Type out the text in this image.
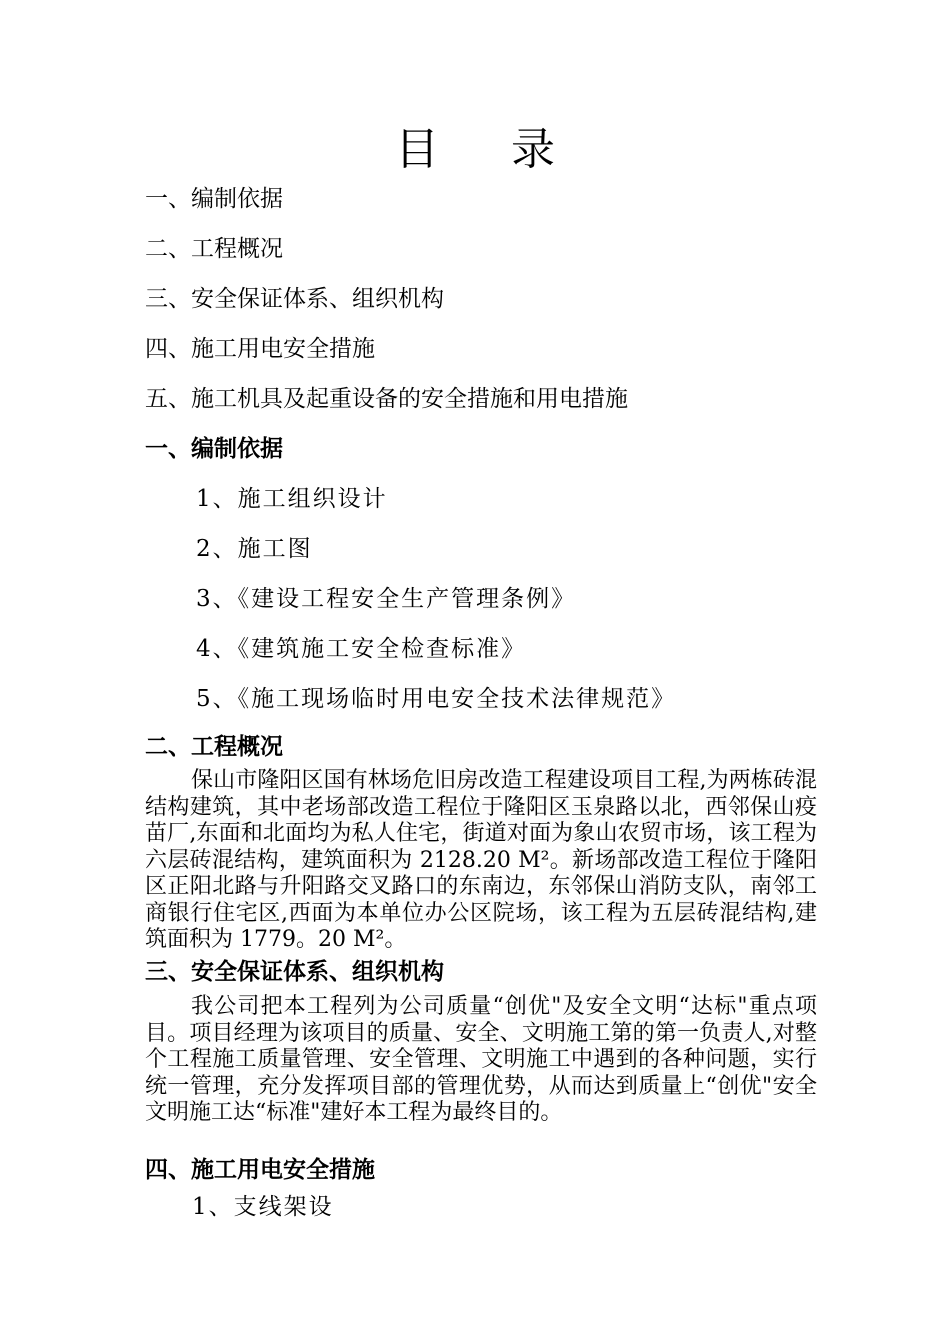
目录
一、编制依据
二、工程概况
三、安全保证体系、组织机构
四、施工用电安全措施
五、施工机具及起重设备的安全措施和用电措施
一、编制依据
1、施工组织设计
2、施工图
3、《建设工程安全生产管理条例》
4、《建筑施工安全检查标准》
5、《施工现场临时用电安全技术法律规范》
二、工程概况
保山市隆阳区国有林场危旧房改造工程建设项目工程,为两栋砖混结构建筑，其中老场部改造工程位于隆阳区玉泉路以北，西邻保山疫苗厂,东面和北面均为私人住宅，街道对面为象山农贸市场，该工程为六层砖混结构，建筑面积为 2128.20 M²。新场部改造工程位于隆阳区正阳北路与升阳路交叉路口的东南边，东邻保山消防支队，南邻工商银行住宅区,西面为本单位办公区院场，该工程为五层砖混结构,建筑面积为 1779。20 M²。
三、安全保证体系、组织机构
我公司把本工程列为公司质量“创优"及安全文明“达标"重点项目。项目经理为该项目的质量、安全、文明施工第的第一负责人,对整个工程施工质量管理、安全管理、文明施工中遇到的各种问题，实行统一管理，充分发挥项目部的管理优势，从而达到质量上“创优"安全文明施工达“标准"建好本工程为最终目的。
四、施工用电安全措施
1、支线架设
